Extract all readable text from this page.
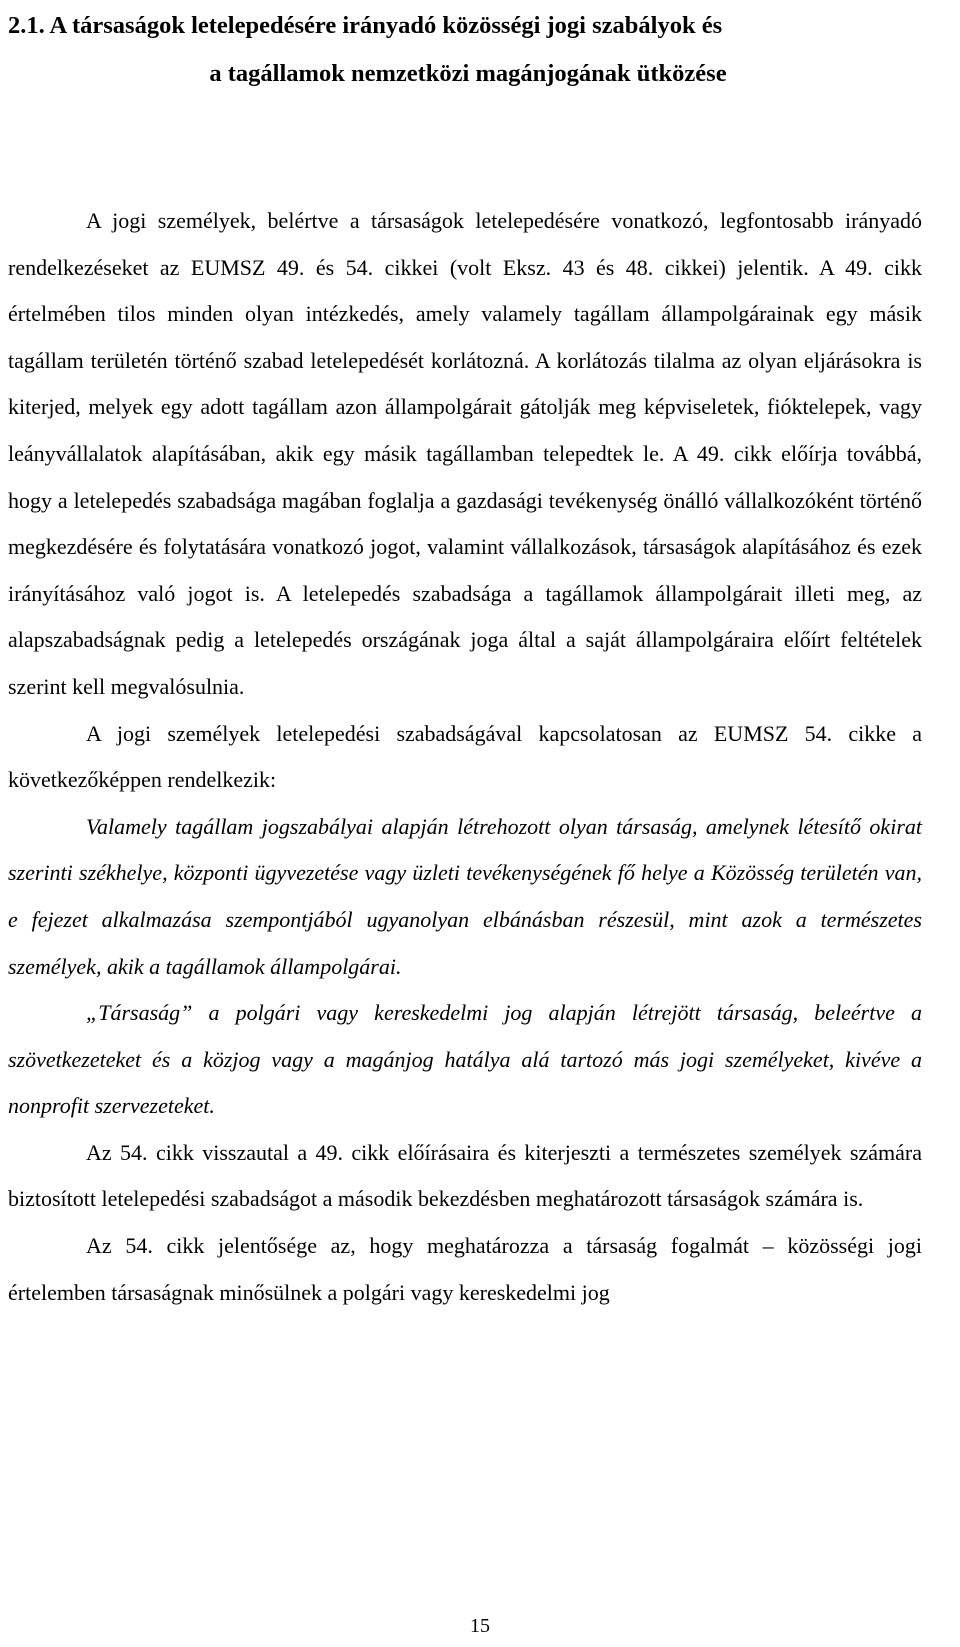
2.1. A társaságok letelepedésére irányadó közösségi jogi szabályok és
a tagállamok nemzetközi magánjogának ütközése

A jogi személyek, belértve a társaságok letelepedésére vonatkozó, legfontosabb irányadó rendelkezéseket az EUMSZ 49. és 54. cikkei (volt Eksz. 43 és 48. cikkei) jelentik. A 49. cikk értelmében tilos minden olyan intézkedés, amely valamely tagállam állampolgárainak egy másik tagállam területén történő szabad letelepedését korlátozná. A korlátozás tilalma az olyan eljárásokra is kiterjed, melyek egy adott tagállam azon állampolgárait gátolják meg képviseletek, fióktelepek, vagy leányvállalatok alapításában, akik egy másik tagállamban telepedtek le. A 49. cikk előírja továbbá, hogy a letelepedés szabadsága magában foglalja a gazdasági tevékenység önálló vállalkozóként történő megkezdésére és folytatására vonatkozó jogot, valamint vállalkozások, társaságok alapításához és ezek irányításához való jogot is. A letelepedés szabadsága a tagállamok állampolgárait illeti meg, az alapszabadságnak pedig a letelepedés országának joga által a saját állampolgáraira előírt feltételek szerint kell megvalósulnia.

A jogi személyek letelepedési szabadságával kapcsolatosan az EUMSZ 54. cikke a következőképpen rendelkezik:

Valamely tagállam jogszabályai alapján létrehozott olyan társaság, amelynek létesítő okirat szerinti székhelye, központi ügyvezetése vagy üzleti tevékenységének fő helye a Közösség területén van, e fejezet alkalmazása szempontjából ugyanolyan elbánásban részesül, mint azok a természetes személyek, akik a tagállamok állampolgárai.

„Társaság” a polgári vagy kereskedelmi jog alapján létrejött társaság, beleértve a szövetkezeteket és a közjog vagy a magánjog hatálya alá tartozó más jogi személyeket, kivéve a nonprofit szervezeteket.

Az 54. cikk visszautal a 49. cikk előírásaira és kiterjeszti a természetes személyek számára biztosított letelepedési szabadságot a második bekezdésben meghatározott társaságok számára is.

Az 54. cikk jelentősége az, hogy meghatározza a társaság fogalmát – közösségi jogi értelemben társaságnak minősülnek a polgári vagy kereskedelmi jog

15
